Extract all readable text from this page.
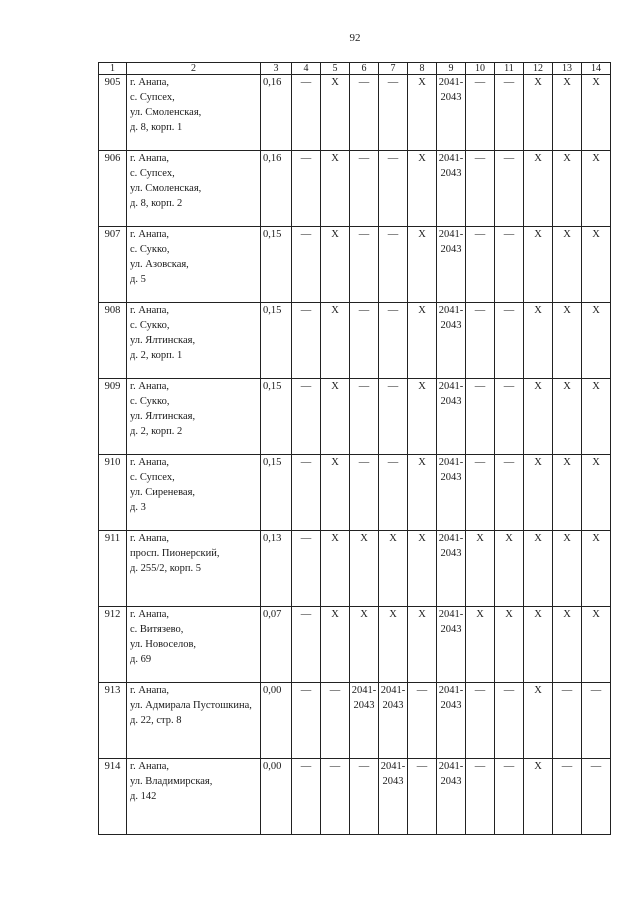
92
1	2	3	4	5	6	7	8	9	10	11	12	13	14
905	г. Анапа,
с. Супсех,
ул. Смоленская,
д. 8, корп. 1	0,16	—	X	—	—	X	2041-
2043	—	—	X	X	X
906	г. Анапа,
с. Супсех,
ул. Смоленская,
д. 8, корп. 2	0,16	—	X	—	—	X	2041-
2043	—	—	X	X	X
907	г. Анапа,
с. Сукко,
ул. Азовская,
д. 5	0,15	—	X	—	—	X	2041-
2043	—	—	X	X	X
908	г. Анапа,
с. Сукко,
ул. Ялтинская,
д. 2, корп. 1	0,15	—	X	—	—	X	2041-
2043	—	—	X	X	X
909	г. Анапа,
с. Сукко,
ул. Ялтинская,
д. 2, корп. 2	0,15	—	X	—	—	X	2041-
2043	—	—	X	X	X
910	г. Анапа,
с. Супсех,
ул. Сиреневая,
д. 3	0,15	—	X	—	—	X	2041-
2043	—	—	X	X	X
911	г. Анапа,
просп. Пионерский,
д. 255/2, корп. 5	0,13	—	X	X	X	X	2041-
2043	X	X	X	X	X
912	г. Анапа,
с. Витязево,
ул. Новоселов,
д. 69	0,07	—	X	X	X	X	2041-
2043	X	X	X	X	X
913	г. Анапа,
ул. Адмирала Пустошкина,
д. 22, стр. 8	0,00	—	—	2041-
2043	2041-
2043	—	2041-
2043	—	—	X	—	—
914	г. Анапа,
ул. Владимирская,
д. 142	0,00	—	—	—	2041-
2043	—	2041-
2043	—	—	X	—	—
